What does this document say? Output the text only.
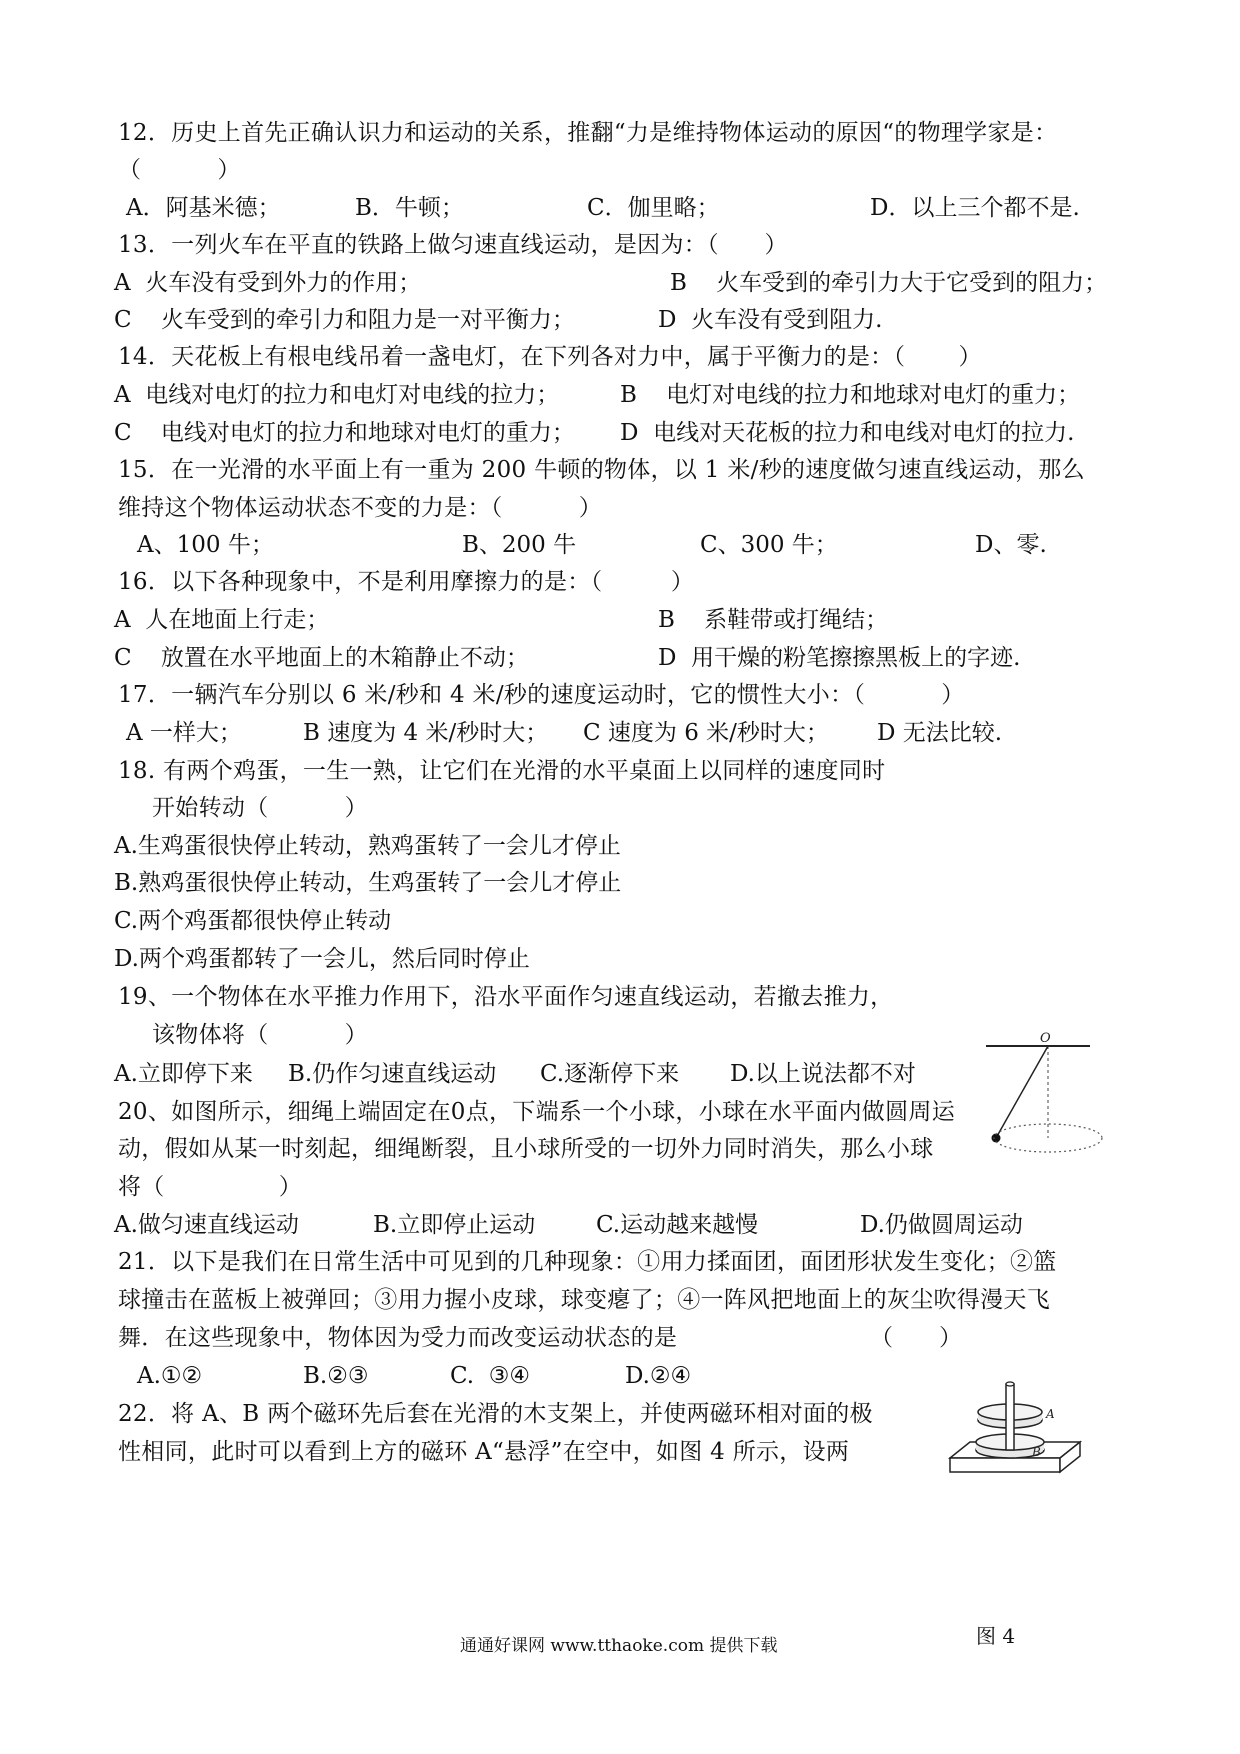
12．历史上首先正确认识力和运动的关系，推翻“力是维持物体运动的原因“的物理学家是：
（          ）
A．阿基米德；	B．牛顿；	C．伽里略；	D．以上三个都不是.
13．一列火车在平直的铁路上做匀速直线运动，是因为：（      ）
A  火车没有受到外力的作用；	B    火车受到的牵引力大于它受到的阻力；
C    火车受到的牵引力和阻力是一对平衡力；	D  火车没有受到阻力.
14．天花板上有根电线吊着一盏电灯，在下列各对力中，属于平衡力的是：（       ）
A  电线对电灯的拉力和电灯对电线的拉力；	B    电灯对电线的拉力和地球对电灯的重力；
C    电线对电灯的拉力和地球对电灯的重力； D  电线对天花板的拉力和电线对电灯的拉力.
15．在一光滑的水平面上有一重为 200 牛顿的物体，以 1 米/秒的速度做匀速直线运动，那么
维持这个物体运动状态不变的力是：（          ）
A、100 牛；	B、200 牛	C、300 牛；	D、零.
16．以下各种现象中，不是利用摩擦力的是：（         ）
A  人在地面上行走；	B    系鞋带或打绳结；
C    放置在水平地面上的木箱静止不动；	D  用干燥的粉笔擦擦黑板上的字迹.
17．一辆汽车分别以 6 米/秒和 4 米/秒的速度运动时，它的惯性大小：（          ）
A 一样大；	B 速度为 4 米/秒时大； C 速度为 6 米/秒时大； D 无法比较.
18. 有两个鸡蛋，一生一熟，让它们在光滑的水平桌面上以同样的速度同时
开始转动（          ）
A.生鸡蛋很快停止转动，熟鸡蛋转了一会儿才停止
B.熟鸡蛋很快停止转动，生鸡蛋转了一会儿才停止
C.两个鸡蛋都很快停止转动
D.两个鸡蛋都转了一会儿，然后同时停止
19、一个物体在水平推力作用下，沿水平面作匀速直线运动，若撤去推力，
该物体将（          ）
A.立即停下来 B.仍作匀速直线运动 C.逐渐停下来 D.以上说法都不对
O
20、如图所示，细绳上端固定在0点，下端系一个小球，小球在水平面内做圆周运
动，假如从某一时刻起，细绳断裂，且小球所受的一切外力同时消失，那么小球
将（               ）
A.做匀速直线运动	B.立即停止运动	C.运动越来越慢	D.仍做圆周运动
21．以下是我们在日常生活中可见到的几种现象：①用力揉面团，面团形状发生变化；②篮
球撞击在蓝板上被弹回；③用力握小皮球，球变瘪了；④一阵风把地面上的灰尘吹得漫天飞
舞．在这些现象中，物体因为受力而改变运动状态的是	（      ）
A.①②	B.②③	C.  ③④	D.②④
22．将 A、B 两个磁环先后套在光滑的木支架上，并使两磁环相对面的极
性相同，此时可以看到上方的磁环 A“悬浮”在空中，如图 4 所示，设两
A
B
图 4
通通好课网 www.tthaoke.com 提供下载
